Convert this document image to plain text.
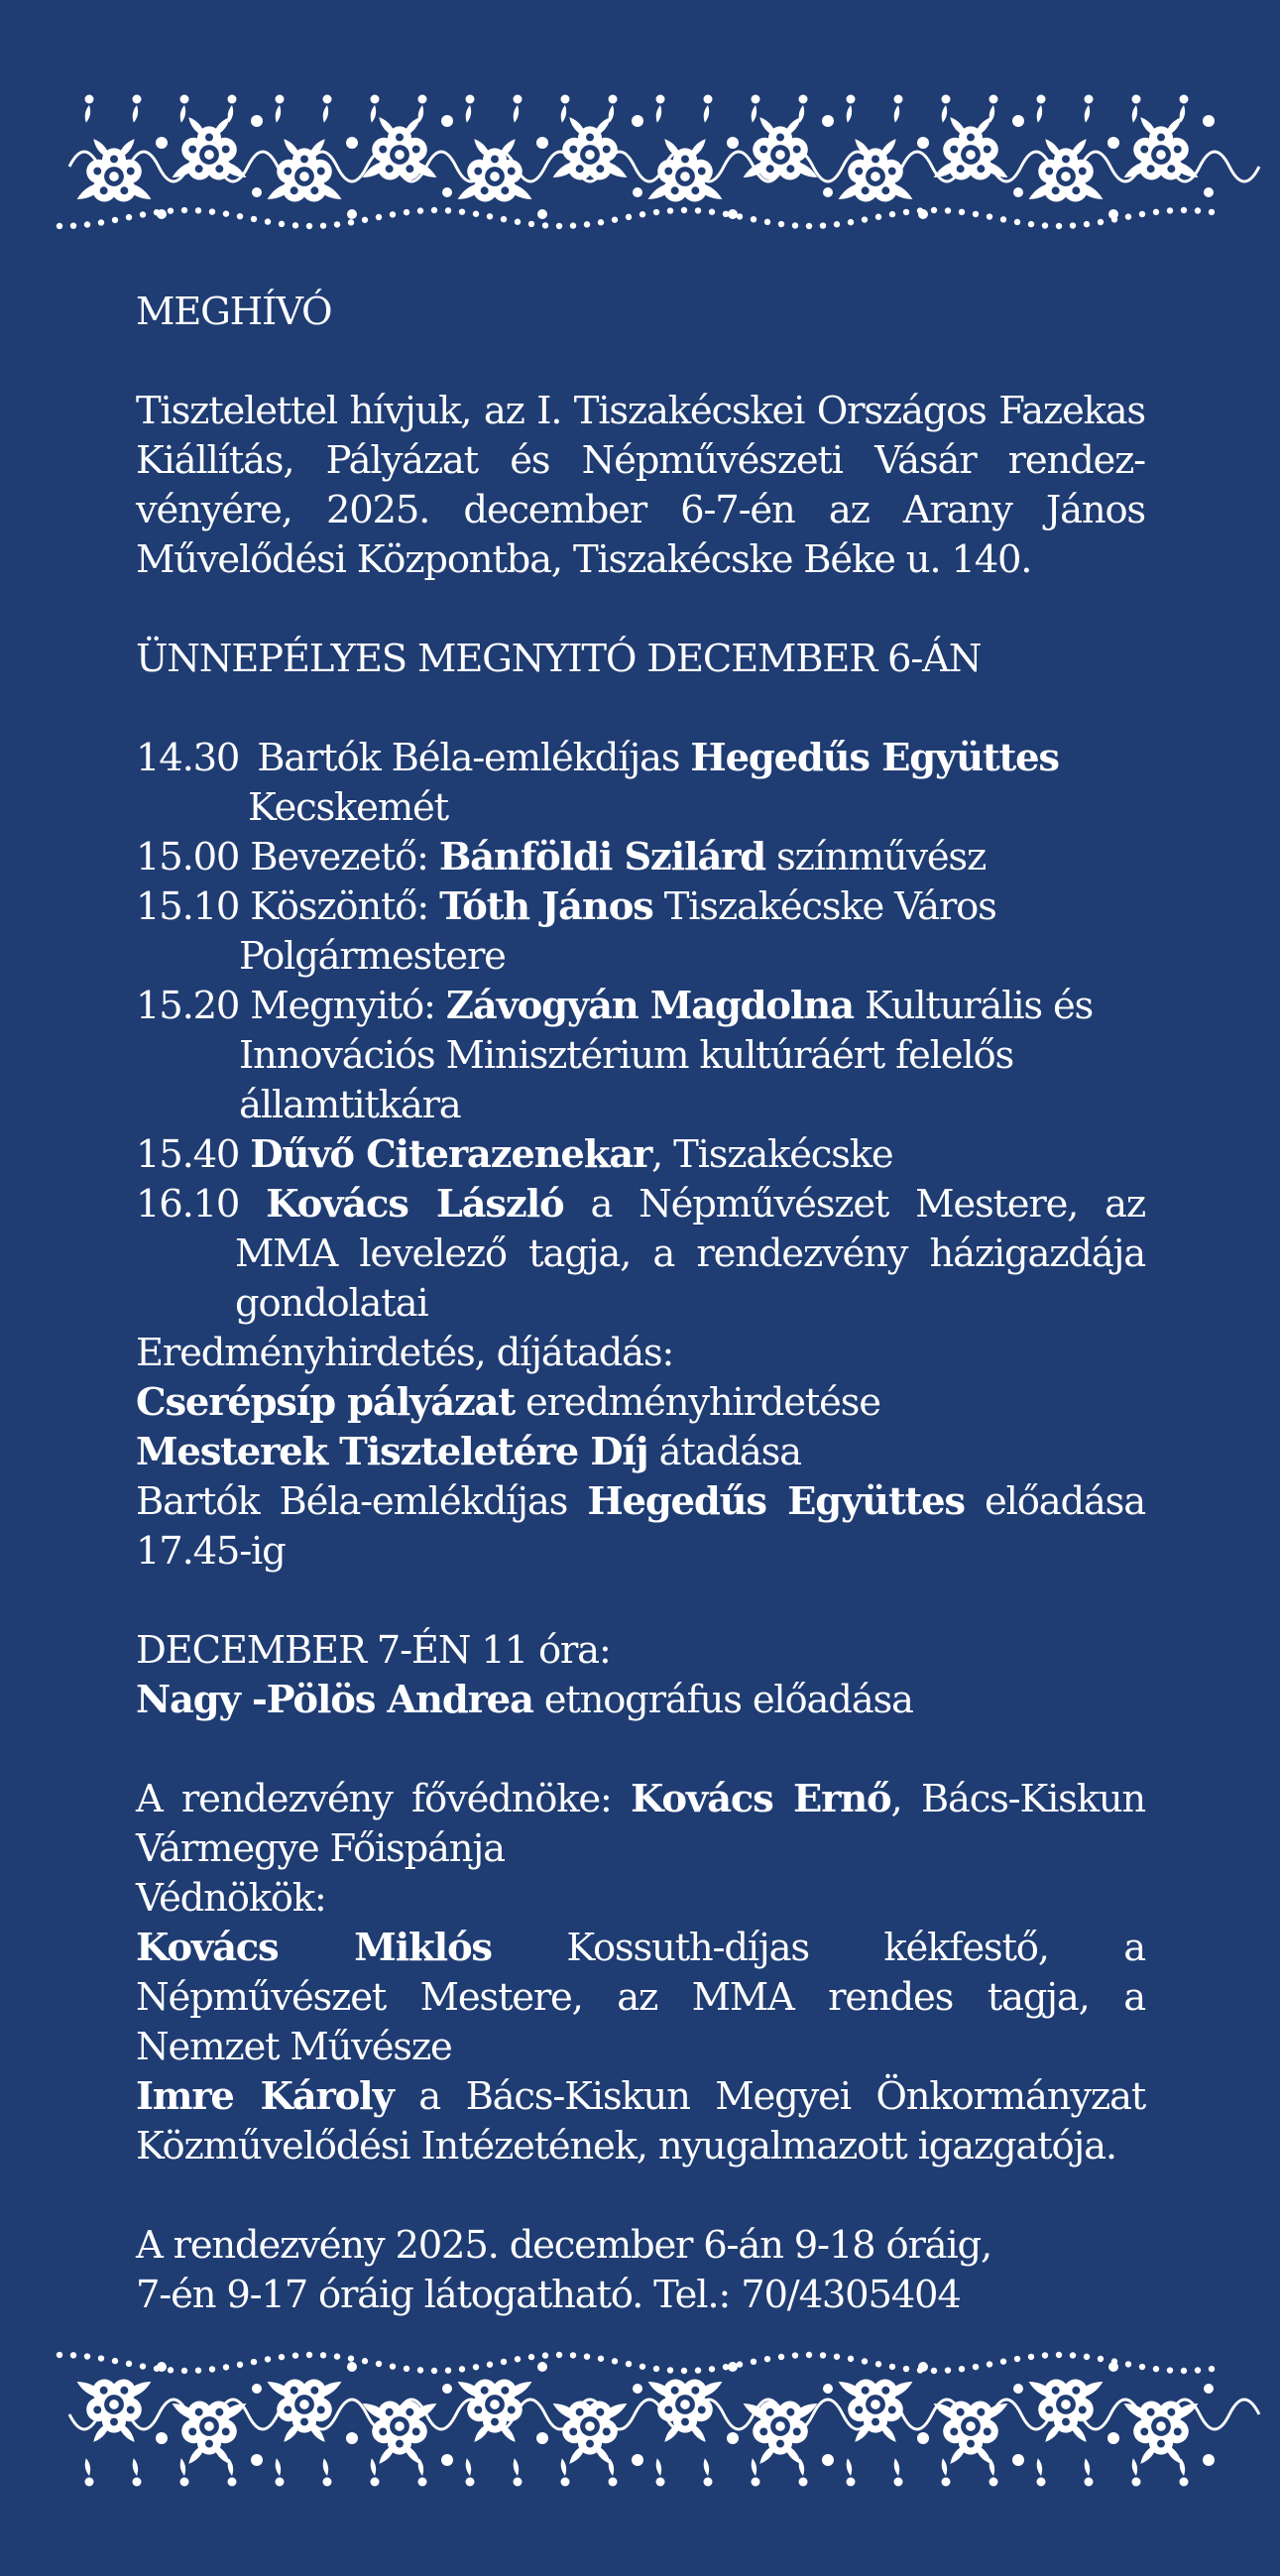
MEGHÍVÓ

Tisztelettel hívjuk, az I. Tiszakécskei Országos Fazekas Kiállítás, Pályázat és Népművészeti Vásár rendez-vényére, 2025. december 6-7-én az Arany János Művelődési Központba, Tiszakécske Béke u. 140.

ÜNNEPÉLYES MEGNYITÓ DECEMBER 6-ÁN

14.30 Bartók Béla-emlékdíjas Hegedűs Együttes

Kecskemét

15.00 Bevezető: Bánföldi Szilárd színművész

15.10 Köszöntő: Tóth János Tiszakécske Város Polgármestere

15.20 Megnyitó: Závogyán Magdolna Kulturális és Innovációs Minisztérium kultúráért felelős államtitkára

15.40 Dűvő Citerazenekar, Tiszakécske

16.10 Kovács László a Népművészet Mestere, az MMA levelező tagja, a rendezvény házigazdája gondolatai

Eredményhirdetés, díjátadás:

Cserépsíp pályázat eredményhirdetése

Mesterek Tiszteletére Díj átadása

Bartók Béla-emlékdíjas Hegedűs Együttes előadása 17.45-ig

DECEMBER 7-ÉN 11 óra:

Nagy -Pölös Andrea etnográfus előadása

A rendezvény fővédnöke: Kovács Ernő, Bács-Kiskun Vármegye Főispánja

Védnökök:

Kovács Miklós Kossuth-díjas kékfestő, a Népművészet Mestere, az MMA rendes tagja, a Nemzet Művésze

Imre Károly a Bács-Kiskun Megyei Önkormányzat Közművelődési Intézetének, nyugalmazott igazgatója.

A rendezvény 2025. december 6-án 9-18 óráig,

7-én 9-17 óráig látogatható. Tel.: 70/4305404
